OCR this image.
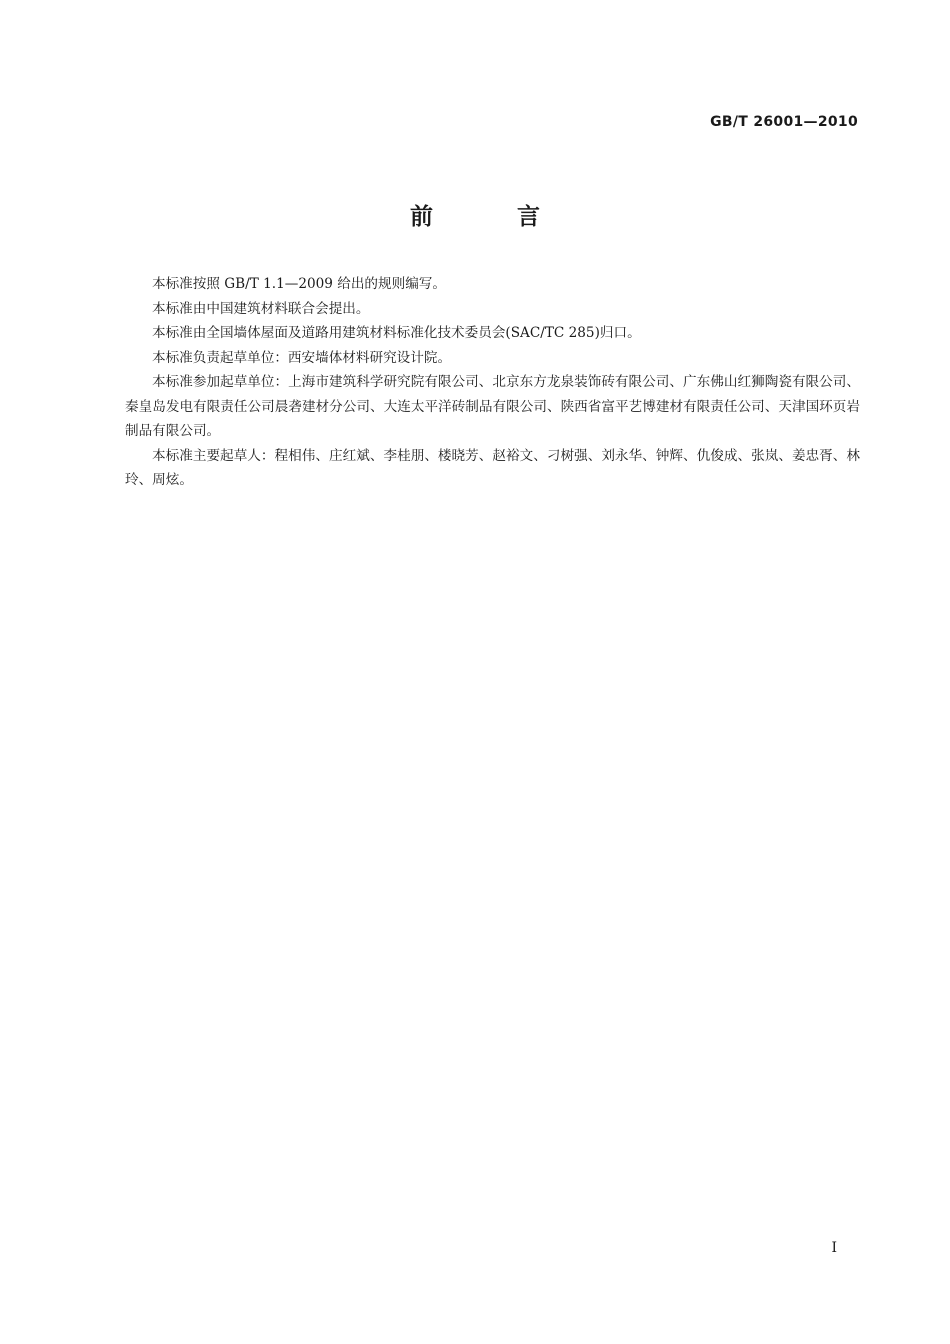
GB/T 26001—2010
前 言

本标准按照 GB/T 1.1—2009 给出的规则编写。

本标准由中国建筑材料联合会提出。

本标准由全国墙体屋面及道路用建筑材料标准化技术委员会(SAC/TC 285)归口。

本标准负责起草单位：西安墙体材料研究设计院。

本标准参加起草单位：上海市建筑科学研究院有限公司、北京东方龙泉装饰砖有限公司、广东佛山红狮陶瓷有限公司、秦皇岛发电有限责任公司晨砻建材分公司、大连太平洋砖制品有限公司、陕西省富平艺博建材有限责任公司、天津国环页岩制品有限公司。

本标准主要起草人：程相伟、庄红斌、李桂朋、楼晓芳、赵裕文、刁树强、刘永华、钟辉、仇俊成、张岚、姜忠胥、林玲、周炫。

I
